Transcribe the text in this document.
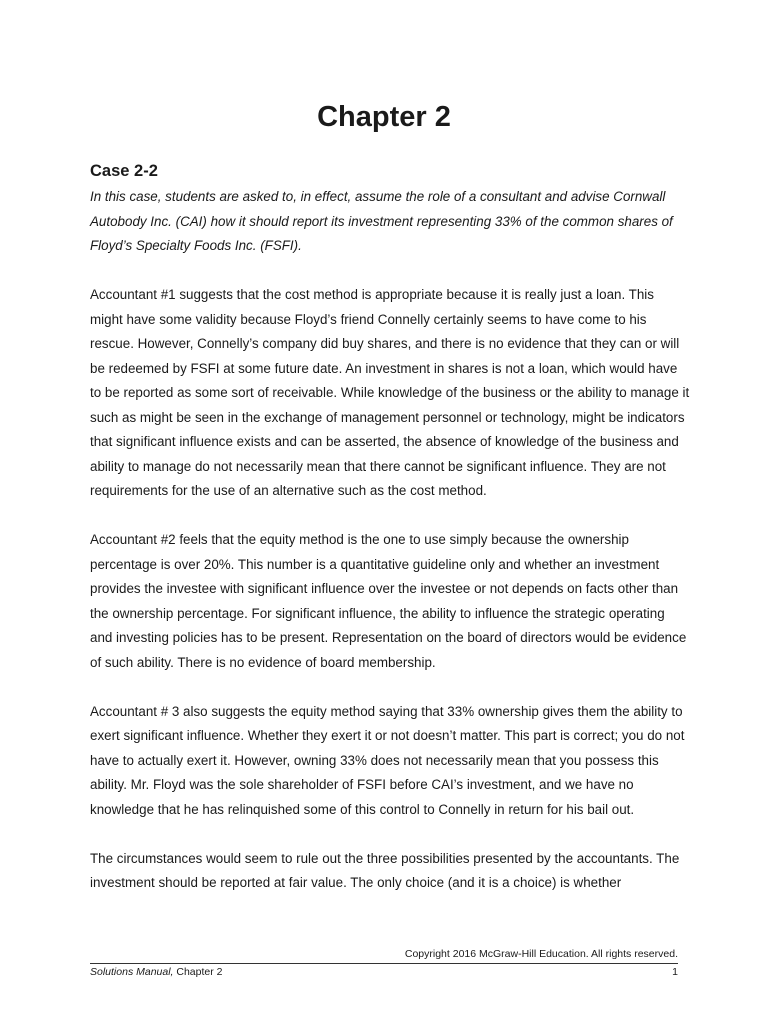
Chapter 2
Case 2-2

In this case, students are asked to, in effect, assume the role of a consultant and advise Cornwall Autobody Inc. (CAI) how it should report its investment representing 33% of the common shares of Floyd’s Specialty Foods Inc. (FSFI).

Accountant #1 suggests that the cost method is appropriate because it is really just a loan. This might have some validity because Floyd’s friend Connelly certainly seems to have come to his rescue. However, Connelly’s company did buy shares, and there is no evidence that they can or will be redeemed by FSFI at some future date. An investment in shares is not a loan, which would have to be reported as some sort of receivable. While knowledge of the business or the ability to manage it such as might be seen in the exchange of management personnel or technology, might be indicators that significant influence exists and can be asserted, the absence of knowledge of the business and ability to manage do not necessarily mean that there cannot be significant influence. They are not requirements for the use of an alternative such as the cost method.

Accountant #2 feels that the equity method is the one to use simply because the ownership percentage is over 20%. This number is a quantitative guideline only and whether an investment provides the investee with significant influence over the investee or not depends on facts other than the ownership percentage. For significant influence, the ability to influence the strategic operating and investing policies has to be present. Representation on the board of directors would be evidence of such ability. There is no evidence of board membership.

Accountant # 3 also suggests the equity method saying that 33% ownership gives them the ability to exert significant influence. Whether they exert it or not doesn’t matter. This part is correct; you do not have to actually exert it. However, owning 33% does not necessarily mean that you possess this ability. Mr. Floyd was the sole shareholder of FSFI before CAI’s investment, and we have no knowledge that he has relinquished some of this control to Connelly in return for his bail out.

The circumstances would seem to rule out the three possibilities presented by the accountants. The investment should be reported at fair value. The only choice (and it is a choice) is whether

Copyright 2016 McGraw-Hill Education. All rights reserved.
Solutions Manual, Chapter 2	1
